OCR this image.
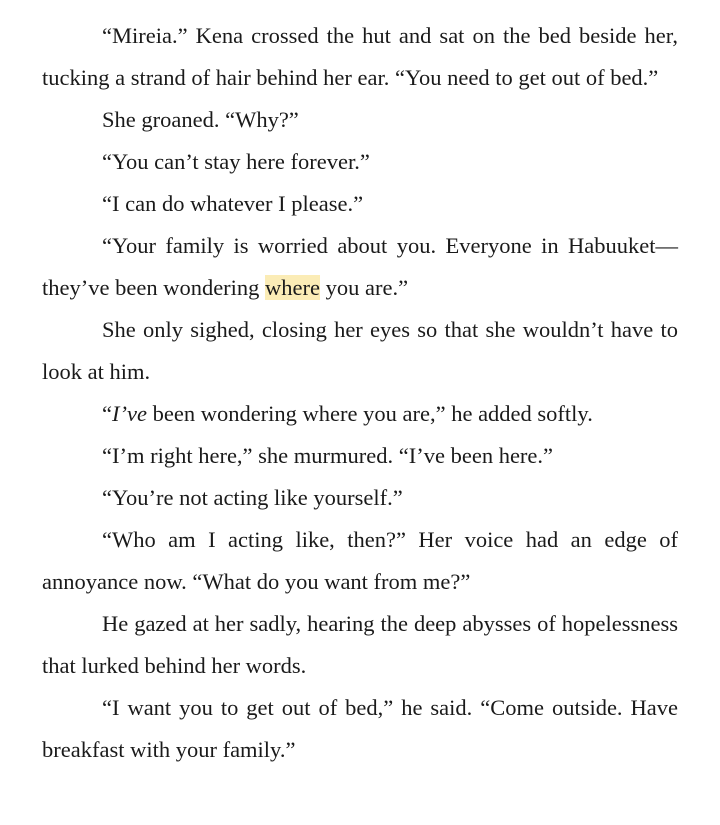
“Mireia.” Kena crossed the hut and sat on the bed beside her, tucking a strand of hair behind her ear. “You need to get out of bed.”

She groaned. “Why?”

“You can’t stay here forever.”

“I can do whatever I please.”

“Your family is worried about you. Everyone in Habuuket—they’ve been wondering where you are.”

She only sighed, closing her eyes so that she wouldn’t have to look at him.

“I’ve been wondering where you are,” he added softly.

“I’m right here,” she murmured. “I’ve been here.”

“You’re not acting like yourself.”

“Who am I acting like, then?” Her voice had an edge of annoyance now. “What do you want from me?”

He gazed at her sadly, hearing the deep abysses of hopelessness that lurked behind her words.

“I want you to get out of bed,” he said. “Come outside. Have breakfast with your family.”
